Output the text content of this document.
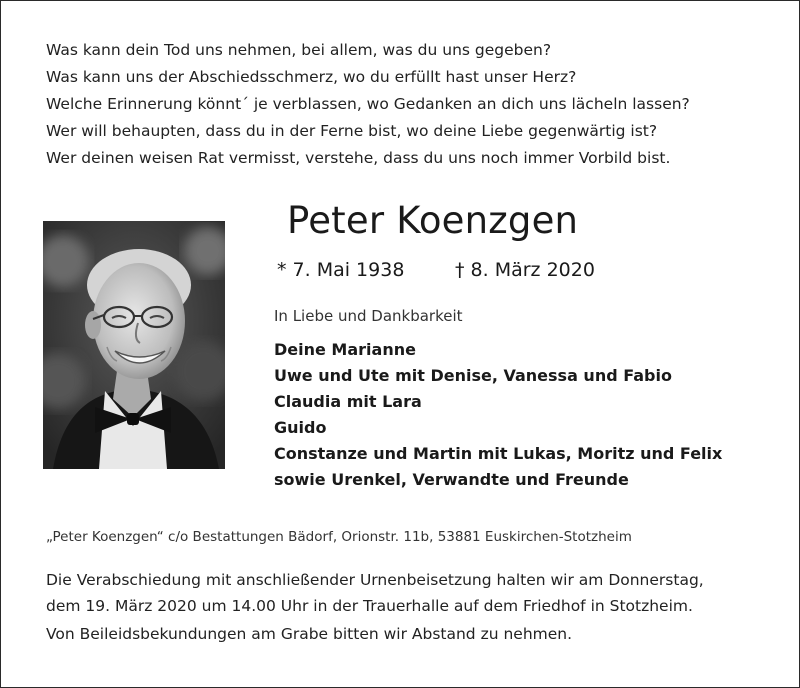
Was kann dein Tod uns nehmen, bei allem, was du uns gegeben?
Was kann uns der Abschiedsschmerz, wo du erfüllt hast unser Herz?
Welche Erinnerung könnt´ je verblassen, wo Gedanken an dich uns lächeln lassen?
Wer will behaupten, dass du in der Ferne bist, wo deine Liebe gegenwärtig ist?
Wer deinen weisen Rat vermisst, verstehe, dass du uns noch immer Vorbild bist.
Peter Koenzgen
* 7. Mai 1938	† 8. März 2020
In Liebe und Dankbarkeit
Deine Marianne
Uwe und Ute mit Denise, Vanessa und Fabio
Claudia mit Lara
Guido
Constanze und Martin mit Lukas, Moritz und Felix
sowie Urenkel, Verwandte und Freunde
„Peter Koenzgen“ c/o Bestattungen Bädorf, Orionstr. 11b, 53881 Euskirchen-Stotzheim
Die Verabschiedung mit anschließender Urnenbeisetzung halten wir am Donnerstag,
dem 19. März 2020 um 14.00 Uhr in der Trauerhalle auf dem Friedhof in Stotzheim.
Von Beileidsbekundungen am Grabe bitten wir Abstand zu nehmen.
